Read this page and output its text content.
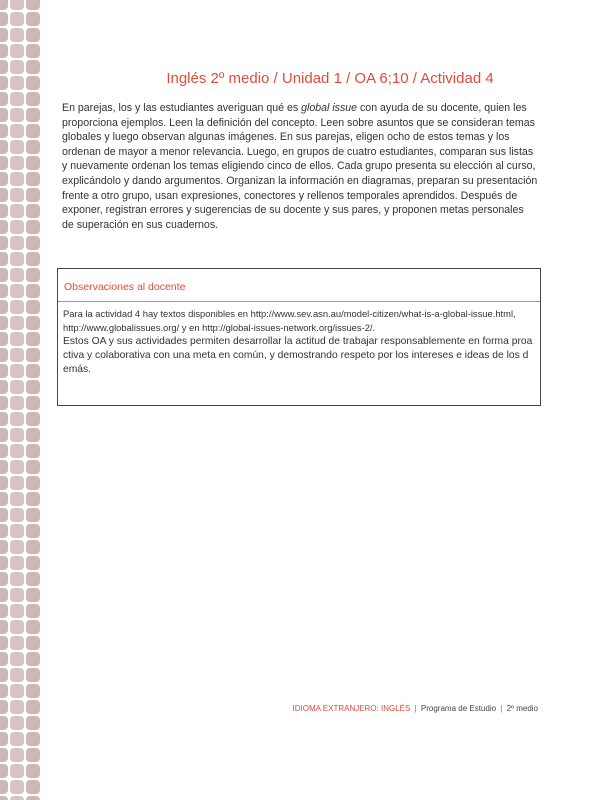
Inglés 2º medio / Unidad 1 / OA 6;10 / Actividad 4

En parejas, los y las estudiantes averiguan qué es global issue con ayuda de su docente, quien les proporciona ejemplos. Leen la definición del concepto. Leen sobre asuntos que se consideran temas globales y luego observan algunas imágenes. En sus parejas, eligen ocho de estos temas y los ordenan de mayor a menor relevancia. Luego, en grupos de cuatro estudiantes, comparan sus listas y nuevamente ordenan los temas eligiendo cinco de ellos. Cada grupo presenta su elección al curso, explicándolo y dando argumentos. Organizan la información en diagramas, preparan su presentación frente a otro grupo, usan expresiones, conectores y rellenos temporales aprendidos. Después de exponer, registran errores y sugerencias de su docente y sus pares, y proponen metas personales de superación en sus cuadernos.

Observaciones al docente

Para la actividad 4 hay textos disponibles en http://www.sev.asn.au/model-citizen/what-is-a-global-issue.html,

http://www.globalissues.org/ y en http://global-issues-network.org/issues-2/.

Estos OA y sus actividades permiten desarrollar la actitud de trabajar responsablemente en forma proactiva y colaborativa con una meta en común, y demostrando respeto por los intereses e ideas de los demás.

IDIOMA EXTRANJERO: INGLÉS | Programa de Estudio | 2º medio
